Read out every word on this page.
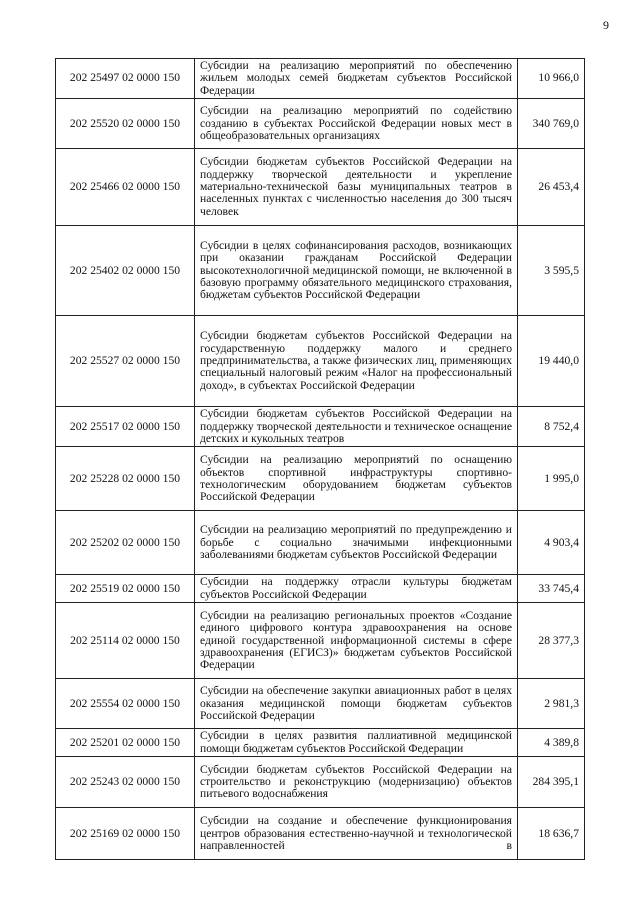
9
202 25497 02 0000 150	Субсидии на реализацию мероприятий по обеспечению жильем молодых семей бюджетам субъектов Российской Федерации	10 966,0
202 25520 02 0000 150	Субсидии на реализацию мероприятий по содействию созданию в субъектах Российской Федерации новых мест в общеобразовательных организациях	340 769,0
202 25466 02 0000 150	Субсидии бюджетам субъектов Российской Федерации на поддержку творческой деятельности и укрепление материально-технической базы муниципальных театров в населенных пунктах с численностью населения до 300 тысяч человек	26 453,4
202 25402 02 0000 150	Субсидии в целях софинансирования расходов, возникающих при оказании гражданам Российской Федерации высокотехнологичной медицинской помощи, не включенной в базовую программу обязательного медицинского страхования, бюджетам субъектов Российской Федерации	3 595,5
202 25527 02 0000 150	Субсидии бюджетам субъектов Российской Федерации на государственную поддержку малого и среднего предпринимательства, а также физических лиц, применяющих специальный налоговый режим «Налог на профессиональный доход», в субъектах Российской Федерации	19 440,0
202 25517 02 0000 150	Субсидии бюджетам субъектов Российской Федерации на поддержку творческой деятельности и техническое оснащение детских и кукольных театров	8 752,4
202 25228 02 0000 150	Субсидии на реализацию мероприятий по оснащению объектов спортивной инфраструктуры спортивно-технологическим оборудованием бюджетам субъектов Российской Федерации	1 995,0
202 25202 02 0000 150	Субсидии на реализацию мероприятий по предупреждению и борьбе с социально значимыми инфекционными заболеваниями бюджетам субъектов Российской Федерации	4 903,4
202 25519 02 0000 150	Субсидии на поддержку отрасли культуры бюджетам субъектов Российской Федерации	33 745,4
202 25114 02 0000 150	Субсидии на реализацию региональных проектов «Создание единого цифрового контура здравоохранения на основе единой государственной информационной системы в сфере здравоохранения (ЕГИСЗ)» бюджетам субъектов Российской Федерации	28 377,3
202 25554 02 0000 150	Субсидии на обеспечение закупки авиационных работ в целях оказания медицинской помощи бюджетам субъектов Российской Федерации	2 981,3
202 25201 02 0000 150	Субсидии в целях развития паллиативной медицинской помощи бюджетам субъектов Российской Федерации	4 389,8
202 25243 02 0000 150	Субсидии бюджетам субъектов Российской Федерации на строительство и реконструкцию (модернизацию) объектов питьевого водоснабжения	284 395,1
202 25169 02 0000 150	Субсидии на создание и обеспечение функционирования центров образования естественно-научной и технологической направленностей в	18 636,7
